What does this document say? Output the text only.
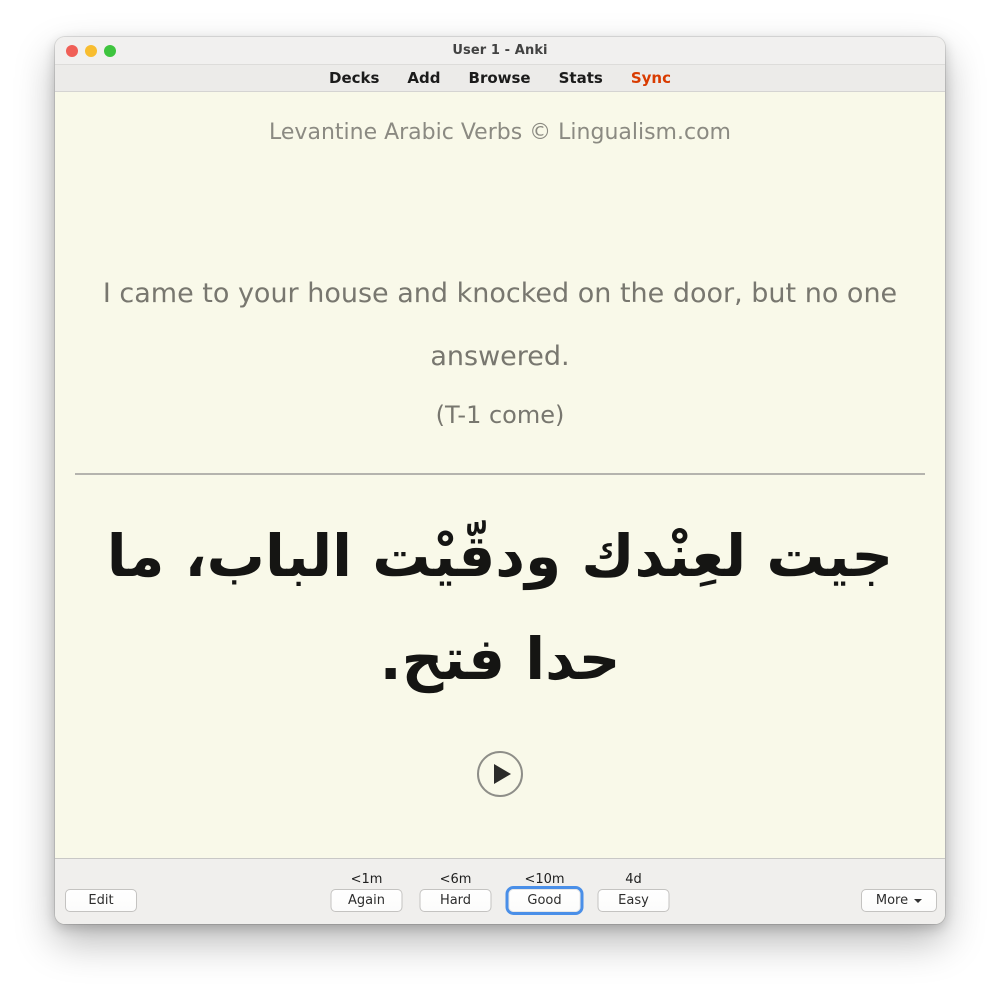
User 1 - Anki
Decks Add Browse Stats Sync
Levantine Arabic Verbs © Lingualism.com
I came to your house and knocked on the door, but no one answered.
(T-1 come)
جيت لعِنْدك ودقّيْت الباب، ما حدا فتح.
Edit
<1m
Again
<6m
Hard
<10m
Good
4d
Easy	More
